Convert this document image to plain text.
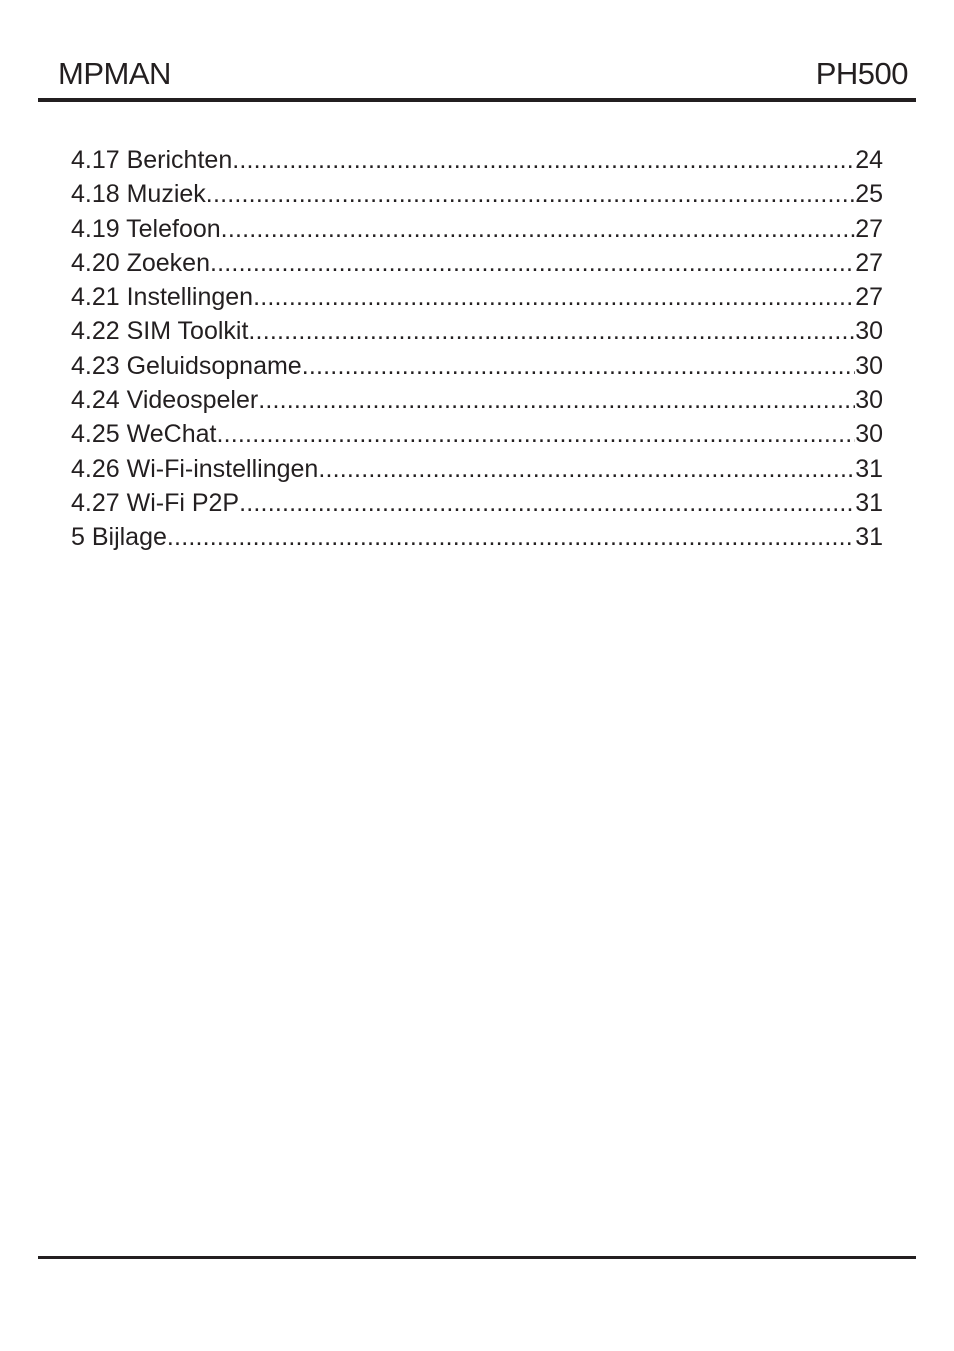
MPMAN	PH500
4.17 Berichten .....	24
4.18 Muziek .....	25
4.19 Telefoon .....	27
4.20 Zoeken .....	27
4.21 Instellingen .....	27
4.22 SIM Toolkit .....	30
4.23 Geluidsopname .....	30
4.24 Videospeler .....	30
4.25 WeChat .....	30
4.26 Wi-Fi-instellingen .....	31
4.27 Wi-Fi P2P .....	31
5 Bijlage .....	31
